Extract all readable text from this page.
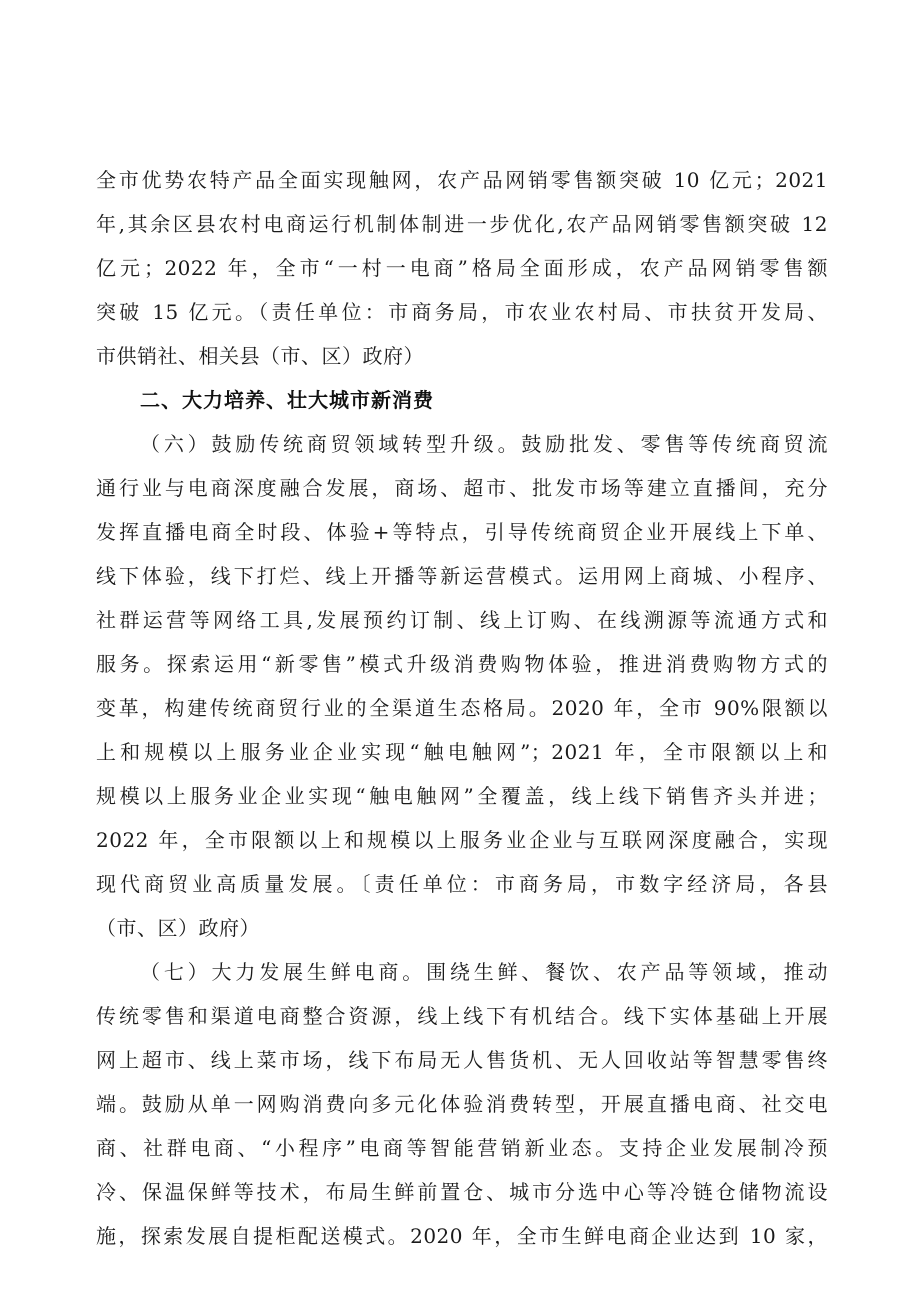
全市优势农特产品全面实现触网，农产品网销零售额突破 10 亿元；2021
年,其余区县农村电商运行机制体制进一步优化,农产品网销零售额突破 12
亿元；2022 年，全市“一村一电商”格局全面形成，农产品网销零售额
突破 15 亿元。（责任单位：市商务局，市农业农村局、市扶贫开发局、
市供销社、相关县（市、区）政府）
二、大力培养、壮大城市新消费
（六）鼓励传统商贸领域转型升级。鼓励批发、零售等传统商贸流
通行业与电商深度融合发展，商场、超市、批发市场等建立直播间，充分
发挥直播电商全时段、体验+等特点，引导传统商贸企业开展线上下单、
线下体验，线下打烂、线上开播等新运营模式。运用网上商城、小程序、
社群运营等网络工具,发展预约订制、线上订购、在线溯源等流通方式和
服务。探索运用“新零售”模式升级消费购物体验，推进消费购物方式的
变革，构建传统商贸行业的全渠道生态格局。2020 年，全市 90%限额以
上和规模以上服务业企业实现“触电触网”；2021 年，全市限额以上和
规模以上服务业企业实现“触电触网”全覆盖，线上线下销售齐头并进；
2022 年，全市限额以上和规模以上服务业企业与互联网深度融合，实现
现代商贸业高质量发展。〔责任单位：市商务局，市数字经济局，各县
（市、区）政府）
（七）大力发展生鲜电商。围绕生鲜、餐饮、农产品等领域，推动
传统零售和渠道电商整合资源，线上线下有机结合。线下实体基础上开展
网上超市、线上菜市场，线下布局无人售货机、无人回收站等智慧零售终
端。鼓励从单一网购消费向多元化体验消费转型，开展直播电商、社交电
商、社群电商、“小程序”电商等智能营销新业态。支持企业发展制冷预
冷、保温保鲜等技术，布局生鲜前置仓、城市分选中心等冷链仓储物流设
施，探索发展自提柜配送模式。2020 年，全市生鲜电商企业达到 10 家，
